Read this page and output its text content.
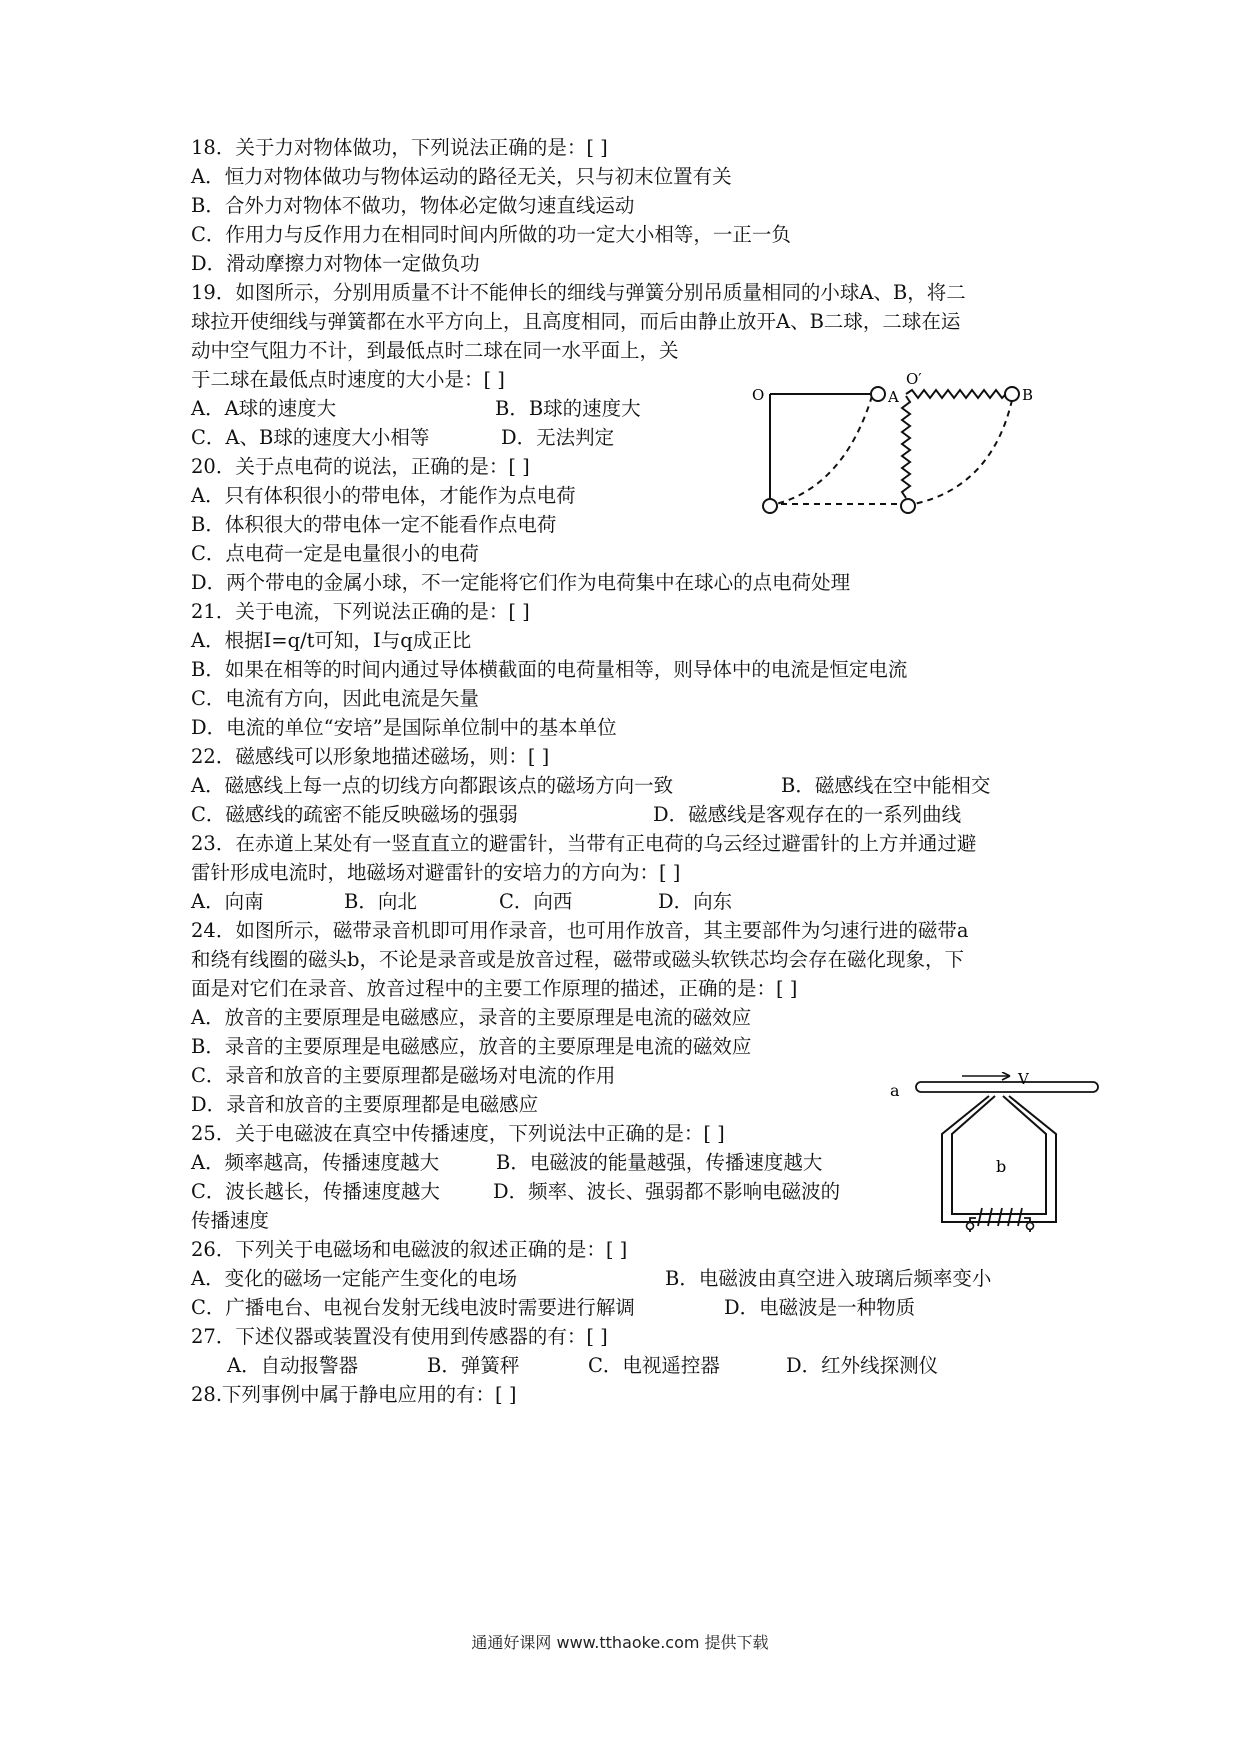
18．关于力对物体做功，下列说法正确的是：[ ]
A．恒力对物体做功与物体运动的路径无关，只与初末位置有关
B．合外力对物体不做功，物体必定做匀速直线运动
C．作用力与反作用力在相同时间内所做的功一定大小相等，一正一负
D．滑动摩擦力对物体一定做负功
19．如图所示，分别用质量不计不能伸长的细线与弹簧分别吊质量相同的小球A、B，将二
球拉开使细线与弹簧都在水平方向上，且高度相同，而后由静止放开A、B二球，二球在运
动中空气阻力不计，到最低点时二球在同一水平面上，关
于二球在最低点时速度的大小是：[ ]
A．A球的速度大	B．B球的速度大
C．A、B球的速度大小相等	D．无法判定
20．关于点电荷的说法，正确的是：[ ]
A．只有体积很小的带电体，才能作为点电荷
B．体积很大的带电体一定不能看作点电荷
C．点电荷一定是电量很小的电荷
D．两个带电的金属小球，不一定能将它们作为电荷集中在球心的点电荷处理
21．关于电流，下列说法正确的是：[ ]
A．根据I=q/t可知，I与q成正比
B．如果在相等的时间内通过导体横截面的电荷量相等，则导体中的电流是恒定电流
C．电流有方向，因此电流是矢量
D．电流的单位“安培”是国际单位制中的基本单位
22．磁感线可以形象地描述磁场，则：[ ]
A．磁感线上每一点的切线方向都跟该点的磁场方向一致	B．磁感线在空中能相交
C．磁感线的疏密不能反映磁场的强弱	D．磁感线是客观存在的一系列曲线
23．在赤道上某处有一竖直直立的避雷针，当带有正电荷的乌云经过避雷针的上方并通过避
雷针形成电流时，地磁场对避雷针的安培力的方向为：[ ]
A．向南	B．向北	C．向西	D．向东
24．如图所示，磁带录音机即可用作录音，也可用作放音，其主要部件为匀速行进的磁带a
和绕有线圈的磁头b，不论是录音或是放音过程，磁带或磁头软铁芯均会存在磁化现象，下
面是对它们在录音、放音过程中的主要工作原理的描述，正确的是：[ ]
A．放音的主要原理是电磁感应，录音的主要原理是电流的磁效应
B．录音的主要原理是电磁感应，放音的主要原理是电流的磁效应
C．录音和放音的主要原理都是磁场对电流的作用
D．录音和放音的主要原理都是电磁感应
25．关于电磁波在真空中传播速度，下列说法中正确的是：[ ]
A．频率越高，传播速度越大	B．电磁波的能量越强，传播速度越大
C．波长越长，传播速度越大	D．频率、波长、强弱都不影响电磁波的
传播速度
26．下列关于电磁场和电磁波的叙述正确的是：[ ]
A．变化的磁场一定能产生变化的电场	B．电磁波由真空进入玻璃后频率变小
C．广播电台、电视台发射无线电波时需要进行解调	D．电磁波是一种物质
27．下述仪器或装置没有使用到传感器的有：[ ]
A．自动报警器	B．弹簧秤	C．电视遥控器	D．红外线探测仪
28.下列事例中属于静电应用的有：[ ]
O	A
O′
B
a
V
b
通通好课网 www.tthaoke.com 提供下载
